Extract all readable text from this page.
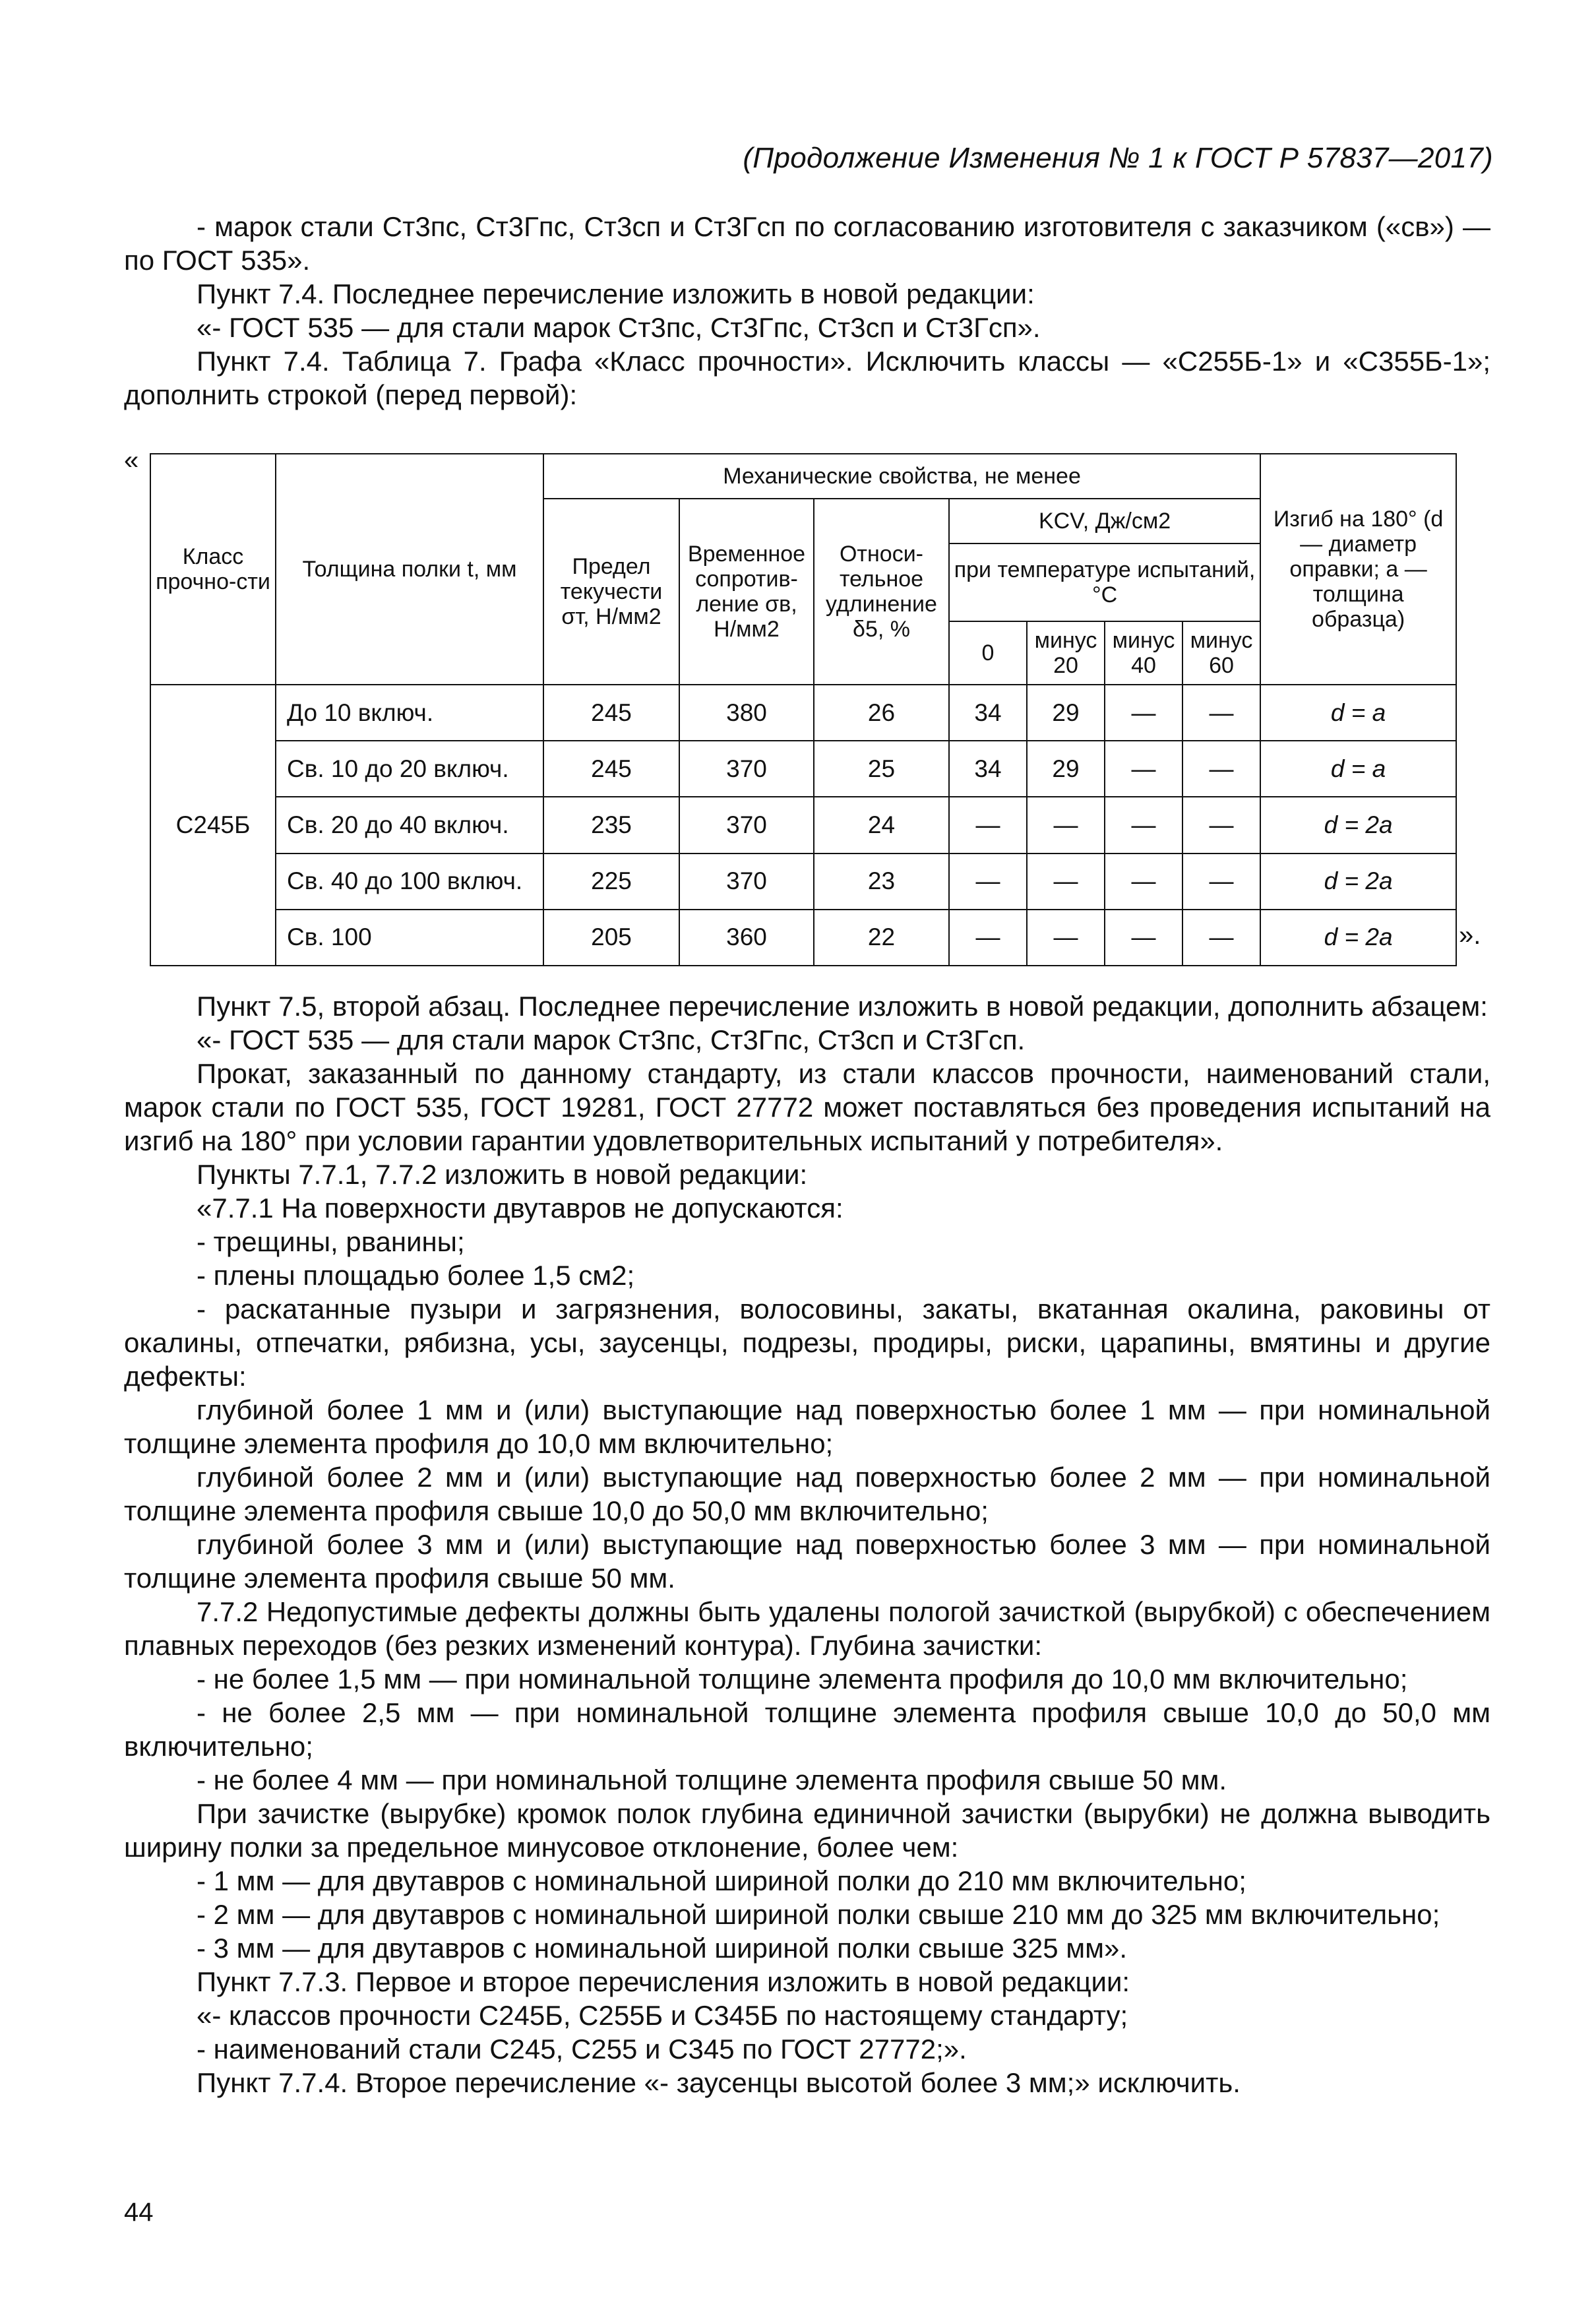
(Продолжение Изменения № 1 к ГОСТ Р 57837—2017)

- марок стали Ст3пс, Ст3Гпс, Ст3сп и Ст3Гсп по согласованию изготовителя с заказчиком («св») — по ГОСТ 535».

Пункт 7.4. Последнее перечисление изложить в новой редакции:

«- ГОСТ 535 — для стали марок Ст3пс, Ст3Гпс, Ст3сп и Ст3Гсп».

Пункт 7.4. Таблица 7. Графа «Класс прочности». Исключить классы — «С255Б-1» и «С355Б-1»; дополнить строкой (перед первой):

«
Класс прочно-сти	Толщина полки t, мм	Механические свойства, не менее							Изгиб на 180° (d — диаметр оправки; a — толщина образца)
		Предел текучести σт, Н/мм2	Временное сопротив-ление σв, Н/мм2	Относи-тельное удлинение δ5, %	KCV, Дж/см2				
					при температуре испытаний,°С				
					0	минус 20	минус 40	минус 60	
С245Б	До 10 включ.	245	380	26	34	29	—	—	d = a
	Св. 10 до 20 включ.	245	370	25	34	29	—	—	d = a
	Св. 20 до 40 включ.	235	370	24	—	—	—	—	d = 2a
	Св. 40 до 100 включ.	225	370	23	—	—	—	—	d = 2a
	Св. 100	205	360	22	—	—	—	—	d = 2a	».

Пункт 7.5, второй абзац. Последнее перечисление изложить в новой редакции, дополнить абзацем:

«- ГОСТ 535 — для стали марок Ст3пс, Ст3Гпс, Ст3сп и Ст3Гсп.

Прокат, заказанный по данному стандарту, из стали классов прочности, наименований стали, марок стали по ГОСТ 535, ГОСТ 19281, ГОСТ 27772 может поставляться без проведения испытаний на изгиб на 180° при условии гарантии удовлетворительных испытаний у потребителя».

Пункты 7.7.1, 7.7.2 изложить в новой редакции:

«7.7.1 На поверхности двутавров не допускаются:

- трещины, рванины;

- плены площадью более 1,5 см2;

- раскатанные пузыри и загрязнения, волосовины, закаты, вкатанная окалина, раковины от окалины, отпечатки, рябизна, усы, заусенцы, подрезы, продиры, риски, царапины, вмятины и другие дефекты:

глубиной более 1 мм и (или) выступающие над поверхностью более 1 мм — при номинальной толщине элемента профиля до 10,0 мм включительно;

глубиной более 2 мм и (или) выступающие над поверхностью более 2 мм — при номинальной толщине элемента профиля свыше 10,0 до 50,0 мм включительно;

глубиной более 3 мм и (или) выступающие над поверхностью более 3 мм — при номинальной толщине элемента профиля свыше 50 мм.

7.7.2 Недопустимые дефекты должны быть удалены пологой зачисткой (вырубкой) с обеспечением плавных переходов (без резких изменений контура). Глубина зачистки:

- не более 1,5 мм — при номинальной толщине элемента профиля до 10,0 мм включительно;

- не более 2,5 мм — при номинальной толщине элемента профиля свыше 10,0 до 50,0 мм включительно;

- не более 4 мм — при номинальной толщине элемента профиля свыше 50 мм.

При зачистке (вырубке) кромок полок глубина единичной зачистки (вырубки) не должна выводить ширину полки за предельное минусовое отклонение, более чем:

- 1 мм — для двутавров с номинальной шириной полки до 210 мм включительно;

- 2 мм — для двутавров с номинальной шириной полки свыше 210 мм до 325 мм включительно;

- 3 мм — для двутавров с номинальной шириной полки свыше 325 мм».

Пункт 7.7.3. Первое и второе перечисления изложить в новой редакции:

«- классов прочности С245Б, С255Б и С345Б по настоящему стандарту;

- наименований стали С245, С255 и С345 по ГОСТ 27772;».

Пункт 7.7.4. Второе перечисление «- заусенцы высотой более 3 мм;» исключить.

44
